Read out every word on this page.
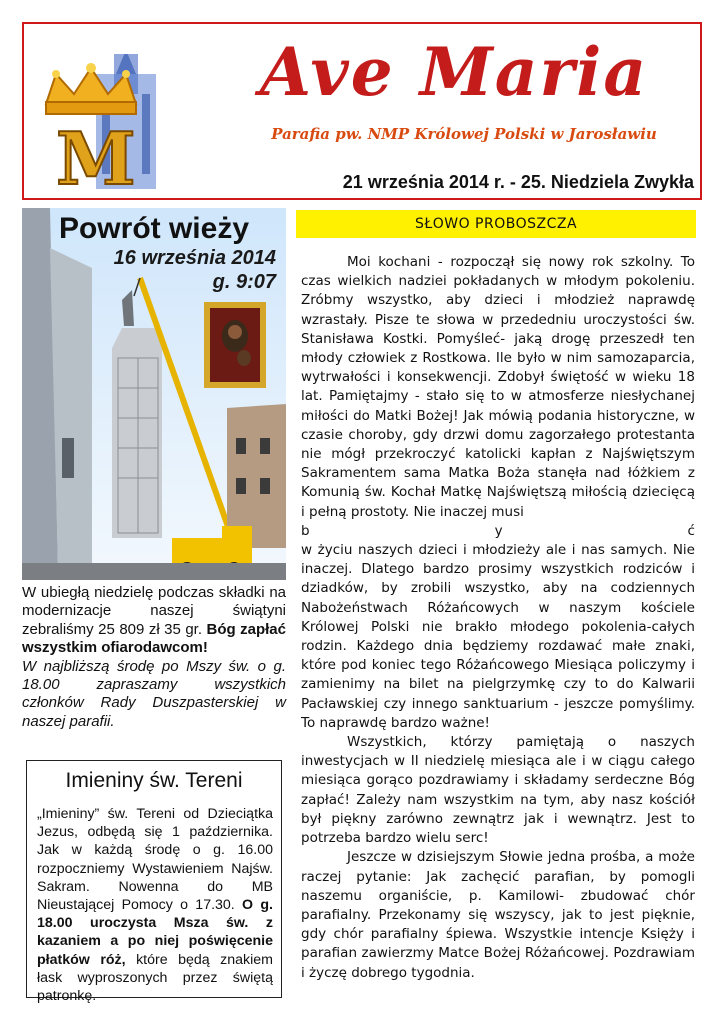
M
Ave Maria
Parafia pw. NMP Królowej Polski w Jarosławiu
21 września 2014 r. - 25. Niedziela Zwykła
Powrót wieży
16 września 2014
g. 9:07

W ubiegłą niedzielę podczas składki na modernizacje naszej świątyni zebraliśmy 25 809 zł 35 gr. Bóg zapłać wszystkim ofiarodawcom!

W najbliższą środę po Mszy św. o g. 18.00 zapraszamy wszystkich członków Rady Duszpasterskiej w naszej parafii.

Imieniny św. Tereni
„Imieniny” św. Tereni od Dzieciątka Jezus, odbędą się 1 października. Jak w każdą środę o g. 16.00 rozpoczniemy Wystawieniem Najśw. Sakram. Nowenna do MB Nieustającej Pomocy o 17.30. O g. 18.00 uroczysta Msza św. z kazaniem a po niej poświęcenie płatków róż, które będą znakiem łask wyproszonych przez świętą patronkę.
SŁOWO PROBOSZCZA

Moi kochani - rozpoczął się nowy rok szkolny. To czas wielkich nadziei pokładanych w młodym pokoleniu. Zróbmy wszystko, aby dzieci i młodzież naprawdę wzrastały. Pisze te słowa w przededniu uroczystości św. Stanisława Kostki. Pomyśleć- jaką drogę przeszedł ten młody człowiek z Rostkowa. Ile było w nim samozaparcia, wytrwałości i konsekwencji. Zdobył świętość w wieku 18 lat. Pamiętajmy - stało się to w atmosferze niesłychanej miłości do Matki Bożej! Jak mówią podania historyczne, w czasie choroby, gdy drzwi domu zagorzałego protestanta nie mógł przekroczyć katolicki kapłan z Najświętszym Sakramentem sama Matka Boża stanęła nad łóżkiem z Komunią św. Kochał Matkę Najświętszą miłością dziecięcą i pełną prostoty. Nie inaczej musi

b	y	ć

w życiu naszych dzieci i młodzieży ale i nas samych. Nie inaczej. Dlatego bardzo prosimy wszystkich rodziców i dziadków, by zrobili wszystko, aby na codziennych Nabożeństwach Różańcowych w naszym kościele Królowej Polski nie brakło młodego pokolenia-całych rodzin. Każdego dnia będziemy rozdawać małe znaki, które pod koniec tego Różańcowego Miesiąca policzymy i zamienimy na bilet na pielgrzymkę czy to do Kalwarii Pacławskiej czy innego sanktuarium - jeszcze pomyślimy. To naprawdę bardzo ważne!

Wszystkich, którzy pamiętają o naszych inwestycjach w II niedzielę miesiąca ale i w ciągu całego miesiąca gorąco pozdrawiamy i składamy serdeczne Bóg zapłać! Zależy nam wszystkim na tym, aby nasz kościół był piękny zarówno zewnątrz jak i wewnątrz. Jest to potrzeba bardzo wielu serc!

Jeszcze w dzisiejszym Słowie jedna prośba, a może raczej pytanie: Jak zachęcić parafian, by pomogli naszemu organiście, p. Kamilowi- zbudować chór parafialny. Przekonamy się wszyscy, jak to jest pięknie, gdy chór parafialny śpiewa. Wszystkie intencje Księży i parafian zawierzmy Matce Bożej Różańcowej. Pozdrawiam i życzę dobrego tygodnia.
